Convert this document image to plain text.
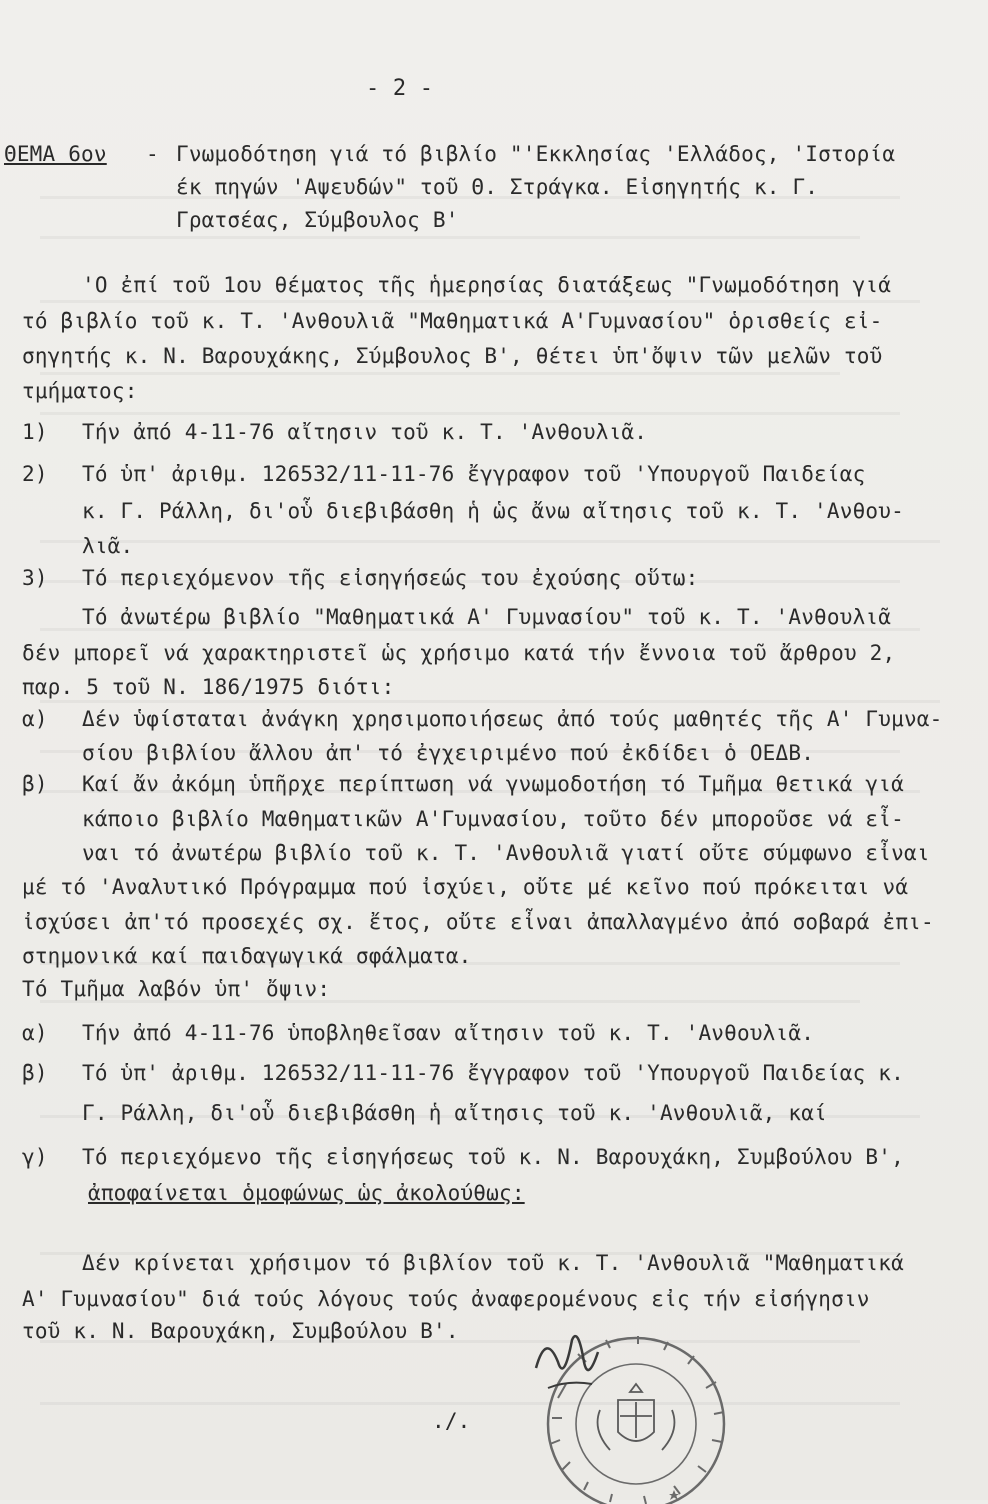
- 2 -
ΘΕΜΑ 6ον - Γνωμοδότηση γιά τό βιβλίο "'Εκκλησίας 'Ελλάδος, 'Ιστορία
έκ πηγών 'Αψευδών" τοῦ Θ. Στράγκα. Εἰσηγητής κ. Γ.
Γρατσέας, Σύμβουλος Β'
'Ο ἐπί τοῦ 1ου θέματος τῆς ἡμερησίας διατάξεως "Γνωμοδότηση γιά
τό βιβλίο τοῦ κ. Τ. 'Ανθουλιᾶ "Μαθηματικά Α'Γυμνασίου" ὁρισθείς εἰ-
σηγητής κ. Ν. Βαρουχάκης, Σύμβουλος Β', θέτει ὑπ'ὄψιν τῶν μελῶν τοῦ
τμήματος:
1) Τήν ἀπό 4-11-76 αἴτησιν τοῦ κ. Τ. 'Ανθουλιᾶ.
2) Τό ὑπ' ἀριθμ. 126532/11-11-76 ἔγγραφον τοῦ 'Υπουργοῦ Παιδείας
κ. Γ. Ράλλη, δι'οὗ διεβιβάσθη ἡ ὡς ἄνω αἴτησις τοῦ κ. Τ. 'Ανθου-
λιᾶ.
3) Τό περιεχόμενον τῆς εἰσηγήσεώς του ἐχούσης οὕτω:
Τό ἀνωτέρω βιβλίο "Μαθηματικά Α' Γυμνασίου" τοῦ κ. Τ. 'Ανθουλιᾶ
δέν μπορεῖ νά χαρακτηριστεῖ ὡς χρήσιμο κατά τήν ἔννοια τοῦ ἄρθρου 2,
παρ. 5 τοῦ Ν. 186/1975 διότι:
α) Δέν ὑφίσταται ἀνάγκη χρησιμοποιήσεως ἀπό τούς μαθητές τῆς Α' Γυμνα-
σίου βιβλίου ἄλλου ἀπ' τό ἐγχειριμένο πού ἐκδίδει ὁ ΟΕΔΒ.
β) Καί ἄν ἀκόμη ὑπῆρχε περίπτωση νά γνωμοδοτήση τό Τμῆμα θετικά γιά
κάποιο βιβλίο Μαθηματικῶν Α'Γυμνασίου, τοῦτο δέν μποροῦσε νά εἶ-
ναι τό ἀνωτέρω βιβλίο τοῦ κ. Τ. 'Ανθουλιᾶ γιατί οὔτε σύμφωνο εἶναι
μέ τό 'Αναλυτικό Πρόγραμμα πού ἰσχύει, οὔτε μέ κεῖνο πού πρόκειται νά
ἰσχύσει ἀπ'τό προσεχές σχ. ἔτος, οὔτε εἶναι ἀπαλλαγμένο ἀπό σοβαρά ἐπι-
στημονικά καί παιδαγωγικά σφάλματα.
Τό Τμῆμα λαβόν ὑπ' ὄψιν:
α) Τήν ἀπό 4-11-76 ὑποβληθεῖσαν αἴτησιν τοῦ κ. Τ. 'Ανθουλιᾶ.
β) Τό ὑπ' ἀριθμ. 126532/11-11-76 ἔγγραφον τοῦ 'Υπουργοῦ Παιδείας κ.
Γ. Ράλλη, δι'οὗ διεβιβάσθη ἡ αἴτησις τοῦ κ. 'Ανθουλιᾶ, καί
γ) Τό περιεχόμενο τῆς εἰσηγήσεως τοῦ κ. Ν. Βαρουχάκη, Συμβούλου Β',
ἀποφαίνεται ὁμοφώνως ὡς ἀκολούθως:
Δέν κρίνεται χρήσιμον τό βιβλίον τοῦ κ. Τ. 'Ανθουλιᾶ "Μαθηματικά
Α' Γυμνασίου" διά τούς λόγους τούς ἀναφερομένους εἰς τήν εἰσήγησιν
τοῦ κ. Ν. Βαρουχάκη, Συμβούλου Β'.
./.
